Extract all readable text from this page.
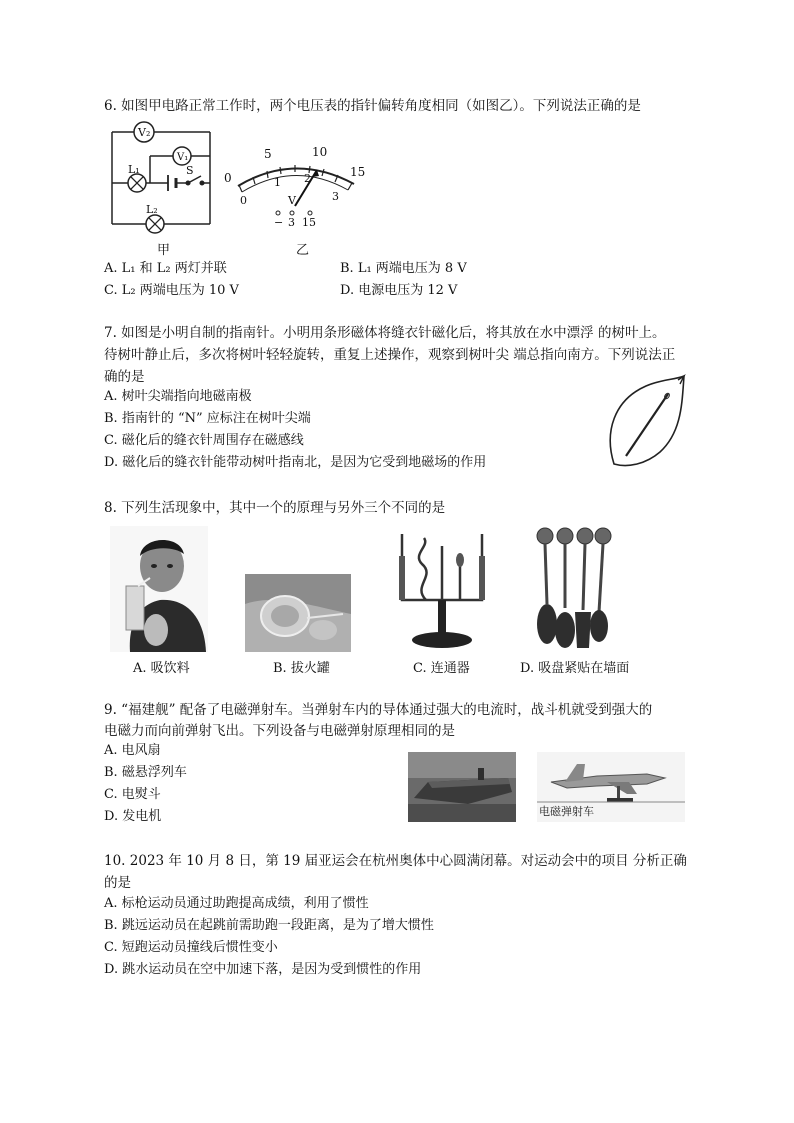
6. 如图甲电路正常工作时，两个电压表的指针偏转角度相同（如图乙）。下列说法正确的是
V₂
V₁
L₁
L₂
S
甲
0
5	10
15
0
1 2
3
V
− 3 15
乙
A. L₁ 和 L₂ 两灯并联	B. L₁ 两端电压为 8 V
C. L₂ 两端电压为 10 V	D. 电源电压为 12 V
7. 如图是小明自制的指南针。小明用条形磁体将缝衣针磁化后，将其放在水中漂浮 的树叶上。
待树叶静止后，多次将树叶轻轻旋转，重复上述操作，观察到树叶尖 端总指向南方。下列说法正
确的是
A. 树叶尖端指向地磁南极
B. 指南针的 “N” 应标注在树叶尖端
C. 磁化后的缝衣针周围存在磁感线
D. 磁化后的缝衣针能带动树叶指南北，是因为它受到地磁场的作用
8. 下列生活现象中，其中一个的原理与另外三个不同的是
A. 吸饮料	B. 拔火罐	C. 连通器	D. 吸盘紧贴在墙面
9. “福建舰” 配备了电磁弹射车。当弹射车内的导体通过强大的电流时，战斗机就受到强大的
电磁力而向前弹射飞出。下列设备与电磁弹射原理相同的是
A. 电风扇
B. 磁悬浮列车
C. 电熨斗
D. 发电机	电磁弹射车
10. 2023 年 10 月 8 日，第 19 届亚运会在杭州奥体中心圆满闭幕。对运动会中的项目 分析正确
的是
A. 标枪运动员通过助跑提高成绩，利用了惯性
B. 跳远运动员在起跳前需助跑一段距离，是为了增大惯性
C. 短跑运动员撞线后惯性变小
D. 跳水运动员在空中加速下落，是因为受到惯性的作用
